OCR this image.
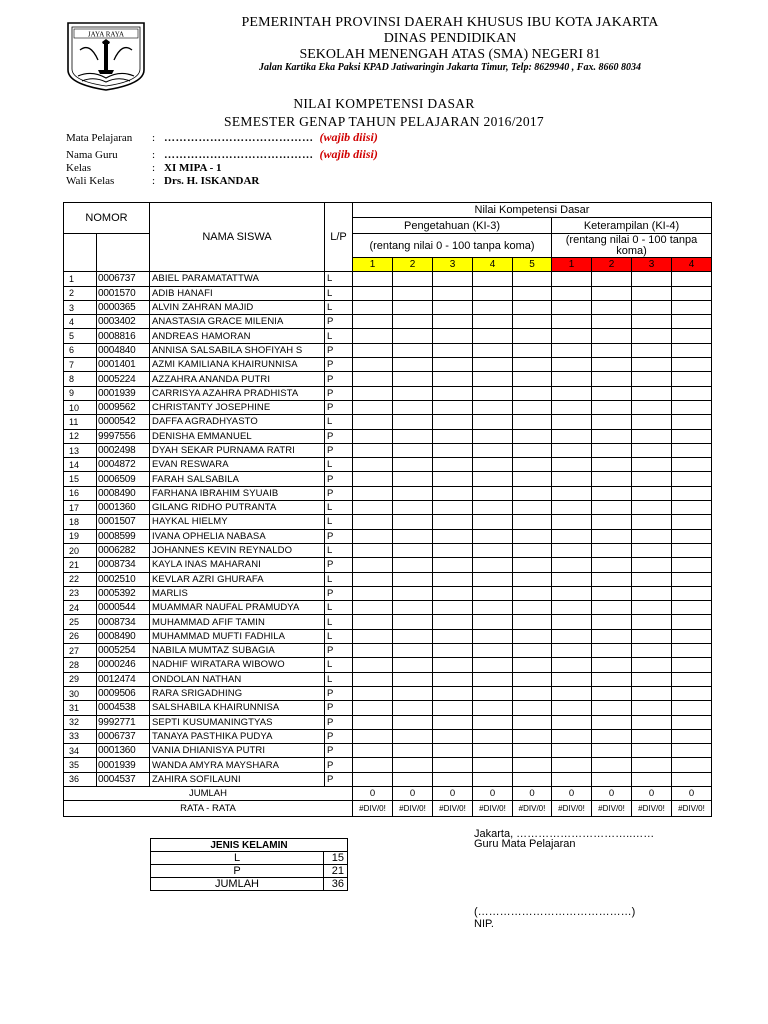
JAYA RAYA
PEMERINTAH PROVINSI DAERAH KHUSUS IBU KOTA JAKARTA
DINAS PENDIDIKAN
SEKOLAH MENENGAH ATAS (SMA) NEGERI 81
Jalan Kartika Eka Paksi KPAD Jatiwaringin Jakarta Timur, Telp: 8629940 , Fax. 8660 8034
NILAI KOMPETENSI DASAR
SEMESTER GENAP TAHUN PELAJARAN 2016/2017
Mata Pelajaran : ………………………………… (wajib diisi)
Nama Guru	: ………………………………… (wajib diisi)
Kelas	: XI MIPA - 1
Wali Kelas	: Drs. H. ISKANDAR
NOMOR		NAMA SISWA	L/P	Nilai Kompetensi Dasar								
				Pengetahuan (KI-3)					Keterampilan (KI-4)			
				(rentang nilai 0 - 100 tanpa koma)					(rentang nilai 0 - 100 tanpa koma)			
				1	2	3	4	5	1	2	3	4
1	0006737	ABIEL PARAMATATTWA	L									
2	0001570	ADIB HANAFI	L									
3	0000365	ALVIN ZAHRAN MAJID	L									
4	0003402	ANASTASIA GRACE MILENIA	P									
5	0008816	ANDREAS HAMORAN	L									
6	0004840	ANNISA SALSABILA SHOFIYAH S	P									
7	0001401	AZMI KAMILIANA KHAIRUNNISA	P									
8	0005224	AZZAHRA ANANDA PUTRI	P									
9	0001939	CARRISYA AZAHRA PRADHISTA	P									
10	0009562	CHRISTANTY JOSEPHINE	P									
11	0000542	DAFFA AGRADHYASTO	L									
12	9997556	DENISHA EMMANUEL	P									
13	0002498	DYAH SEKAR PURNAMA RATRI	P									
14	0004872	EVAN RESWARA	L									
15	0006509	FARAH SALSABILA	P									
16	0008490	FARHANA IBRAHIM SYUAIB	P									
17	0001360	GILANG RIDHO PUTRANTA	L									
18	0001507	HAYKAL HIELMY	L									
19	0008599	IVANA OPHELIA NABASA	P									
20	0006282	JOHANNES KEVIN REYNALDO	L									
21	0008734	KAYLA INAS MAHARANI	P									
22	0002510	KEVLAR AZRI GHURAFA	L									
23	0005392	MARLIS	P									
24	0000544	MUAMMAR NAUFAL PRAMUDYA	L									
25	0008734	MUHAMMAD AFIF TAMIN	L									
26	0008490	MUHAMMAD MUFTI FADHILA	L									
27	0005254	NABILA MUMTAZ SUBAGIA	P									
28	0000246	NADHIF WIRATARA WIBOWO	L									
29	0012474	ONDOLAN NATHAN	L									
30	0009506	RARA SRIGADHING	P									
31	0004538	SALSHABILA KHAIRUNNISA	P									
32	9992771	SEPTI KUSUMANINGTYAS	P									
33	0006737	TANAYA PASTHIKA PUDYA	P									
34	0001360	VANIA DHIANISYA PUTRI	P									
35	0001939	WANDA AMYRA MAYSHARA	P									
36	0004537	ZAHIRA SOFILAUNI	P									
JUMLAH				0	0	0	0	0	0	0	0	0
RATA - RATA				#DIV/0!	#DIV/0!	#DIV/0!	#DIV/0!	#DIV/0!	#DIV/0!	#DIV/0!	#DIV/0!	#DIV/0!
JENIS KELAMIN	
L	15
P	21
JUMLAH	36
Jakarta, …………………………..……
Guru Mata Pelajaran
(……………………………………)
NIP.
